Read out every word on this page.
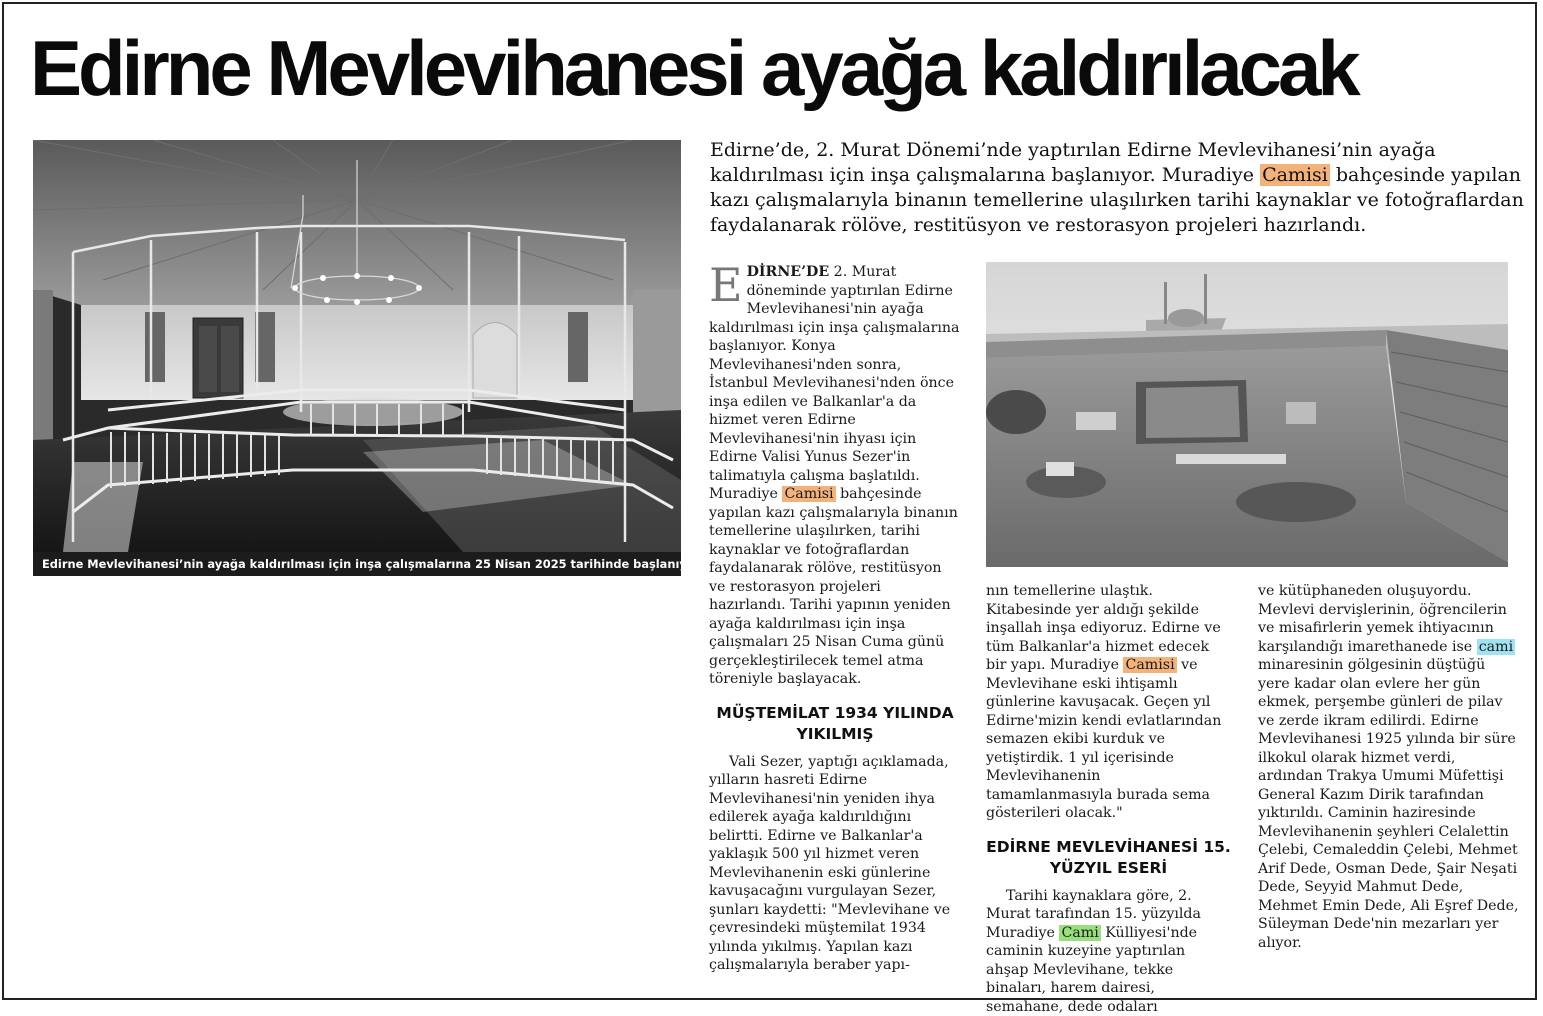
Edirne Mevlevihanesi ayağa kaldırılacak
Edirne Mevlevihanesi’nin ayağa kaldırılması için inşa çalışmalarına 25 Nisan 2025 tarihinde başlanıyor.

Edirne’de, 2. Murat Dönemi’nde yaptırılan Edirne Mevlevihanesi’nin ayağa kaldırılması için inşa çalışmalarına başlanıyor. Muradiye Camisi bahçesinde yapılan kazı çalışmalarıyla binanın temellerine ulaşılırken tarihi kaynaklar ve fotoğraflardan faydalanarak rölöve, restitüsyon ve restorasyon projeleri hazırlandı.

EDİRNE’DE 2. Murat döneminde yaptırılan Edirne Mevlevihanesi'nin ayağa kaldırılması için inşa çalışmalarına başlanıyor. Konya Mevlevihanesi'nden sonra, İstanbul Mevlevihanesi'nden önce inşa edilen ve Balkanlar'a da hizmet veren Edirne Mevlevihanesi'nin ihyası için Edirne Valisi Yunus Sezer'in talimatıyla çalışma başlatıldı. Muradiye Camisi bahçesinde yapılan kazı çalışmalarıyla binanın temellerine ulaşılırken, tarihi kaynaklar ve fotoğraflardan faydalanarak rölöve, restitüsyon ve restorasyon projeleri hazırlandı. Tarihi yapının yeniden ayağa kaldırılması için inşa çalışmaları 25 Nisan Cuma günü gerçekleştirilecek temel atma töreniyle başlayacak.

MÜŞTEMİLAT 1934 YILINDA YIKILMIŞ

Vali Sezer, yaptığı açıklamada, yılların hasreti Edirne Mevlevihanesi'nin yeniden ihya edilerek ayağa kaldırıldığını belirtti. Edirne ve Balkanlar'a yaklaşık 500 yıl hizmet veren Mevlevihanenin eski günlerine kavuşacağını vurgulayan Sezer, şunları kaydetti: "Mevlevihane ve çevresindeki müştemilat 1934 yılında yıkılmış. Yapılan kazı çalışmalarıyla beraber yapı-

nın temellerine ulaştık. Kitabesinde yer aldığı şekilde inşallah inşa ediyoruz. Edirne ve tüm Balkanlar'a hizmet edecek bir yapı. Muradiye Camisi ve Mevlevihane eski ihtişamlı günlerine kavuşacak. Geçen yıl Edirne'mizin kendi evlatlarından semazen ekibi kurduk ve yetiştirdik. 1 yıl içerisinde Mevlevihanenin tamamlanmasıyla burada sema gösterileri olacak."

EDİRNE MEVLEVİHANESİ 15. YÜZYIL ESERİ

Tarihi kaynaklara göre, 2. Murat tarafından 15. yüzyılda Muradiye Cami Külliyesi'nde caminin kuzeyine yaptırılan ahşap Mevlevihane, tekke binaları, harem dairesi, semahane, dede odaları

ve kütüphaneden oluşuyordu. Mevlevi dervişlerinin, öğrencilerin ve misafirlerin yemek ihtiyacının karşılandığı imarethanede ise cami minaresinin gölgesinin düştüğü yere kadar olan evlere her gün ekmek, perşembe günleri de pilav ve zerde ikram edilirdi. Edirne Mevlevihanesi 1925 yılında bir süre ilkokul olarak hizmet verdi, ardından Trakya Umumi Müfettişi General Kazım Dirik tarafından yıktırıldı. Caminin haziresinde Mevlevihanenin şeyhleri Celalettin Çelebi, Cemaleddin Çelebi, Mehmet Arif Dede, Osman Dede, Şair Neşati Dede, Seyyid Mahmut Dede, Mehmet Emin Dede, Ali Eşref Dede, Süleyman Dede'nin mezarları yer alıyor.
